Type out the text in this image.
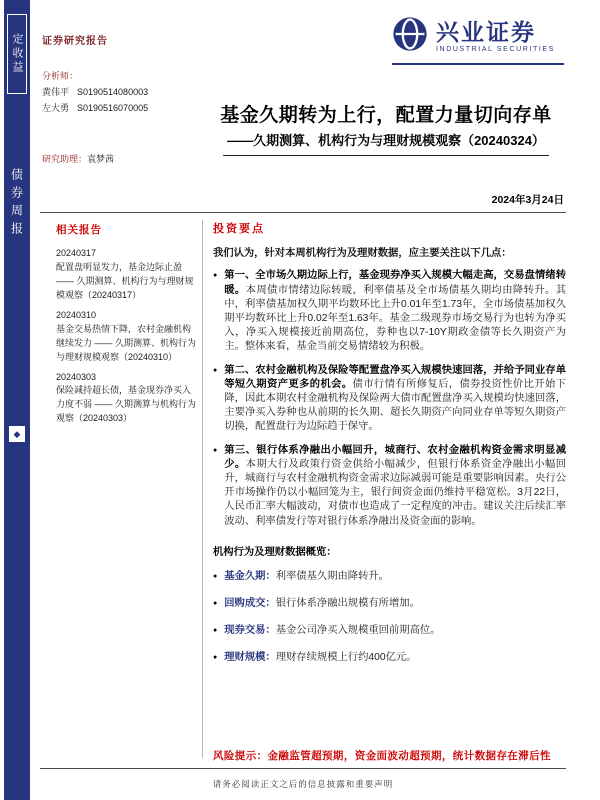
定收益
债券周报
◆
证券研究报告	兴业证券
INDUSTRIAL SECURITIES
分析师：
黄伟平 S0190514080003
左大勇 S0190516070005
研究助理：袁梦茜
基金久期转为上行，配置力量切向存单
——久期测算、机构行为与理财规模观察（20240324）
2024年3月24日
相关报告
20240317
配置盘明显发力，基金边际止盈 —— 久期测算、机构行为与理财规模观察（20240317）
20240310
基金交易热情下降，农村金融机构继续发力 —— 久期测算、机构行为与理财规模观察（20240310）
20240303
保险减持超长债，基金现券净买入力度不弱 —— 久期测算与机构行为观察（20240303）
投资要点
我们认为，针对本周机构行为及理财数据，应主要关注以下几点：
● 第一、全市场久期边际上行，基金现券净买入规模大幅走高，交易盘情绪转暖。本周债市情绪边际转暖，利率债基及全市场债基久期均由降转升。其中，利率债基加权久期平均数环比上升0.01年至1.73年，全市场债基加权久期平均数环比上升0.02年至1.63年。基金二级现券市场交易行为也转为净买入，净买入规模接近前期高位，券种也以7-10Y期政金债等长久期资产为主。整体来看，基金当前交易情绪较为积极。
● 第二、农村金融机构及保险等配置盘净买入规模快速回落，并给予同业存单等短久期资产更多的机会。债市行情有所修复后，债券投资性价比开始下降，因此本期农村金融机构及保险两大债市配置盘净买入规模均快速回落，主要净买入券种也从前期的长久期、超长久期资产向同业存单等短久期资产切换，配置盘行为边际趋于保守。
● 第三、银行体系净融出小幅回升，城商行、农村金融机构资金需求明显减少。本期大行及政策行资金供给小幅减少，但银行体系资金净融出小幅回升，城商行与农村金融机构资金需求边际减弱可能是重要影响因素。央行公开市场操作仍以小幅回笼为主，银行间资金面仍维持平稳宽松。3月22日，人民币汇率大幅波动，对债市也造成了一定程度的冲击。建议关注后续汇率波动、利率债发行等对银行体系净融出及资金面的影响。
机构行为及理财数据概览：
● 基金久期：利率债基久期由降转升。
● 回购成交：银行体系净融出规模有所增加。
● 现券交易：基金公司净买入规模重回前期高位。
● 理财规模：理财存续规模上行约400亿元。
风险提示：金融监管超预期，资金面波动超预期，统计数据存在滞后性
请务必阅读正文之后的信息披露和重要声明
